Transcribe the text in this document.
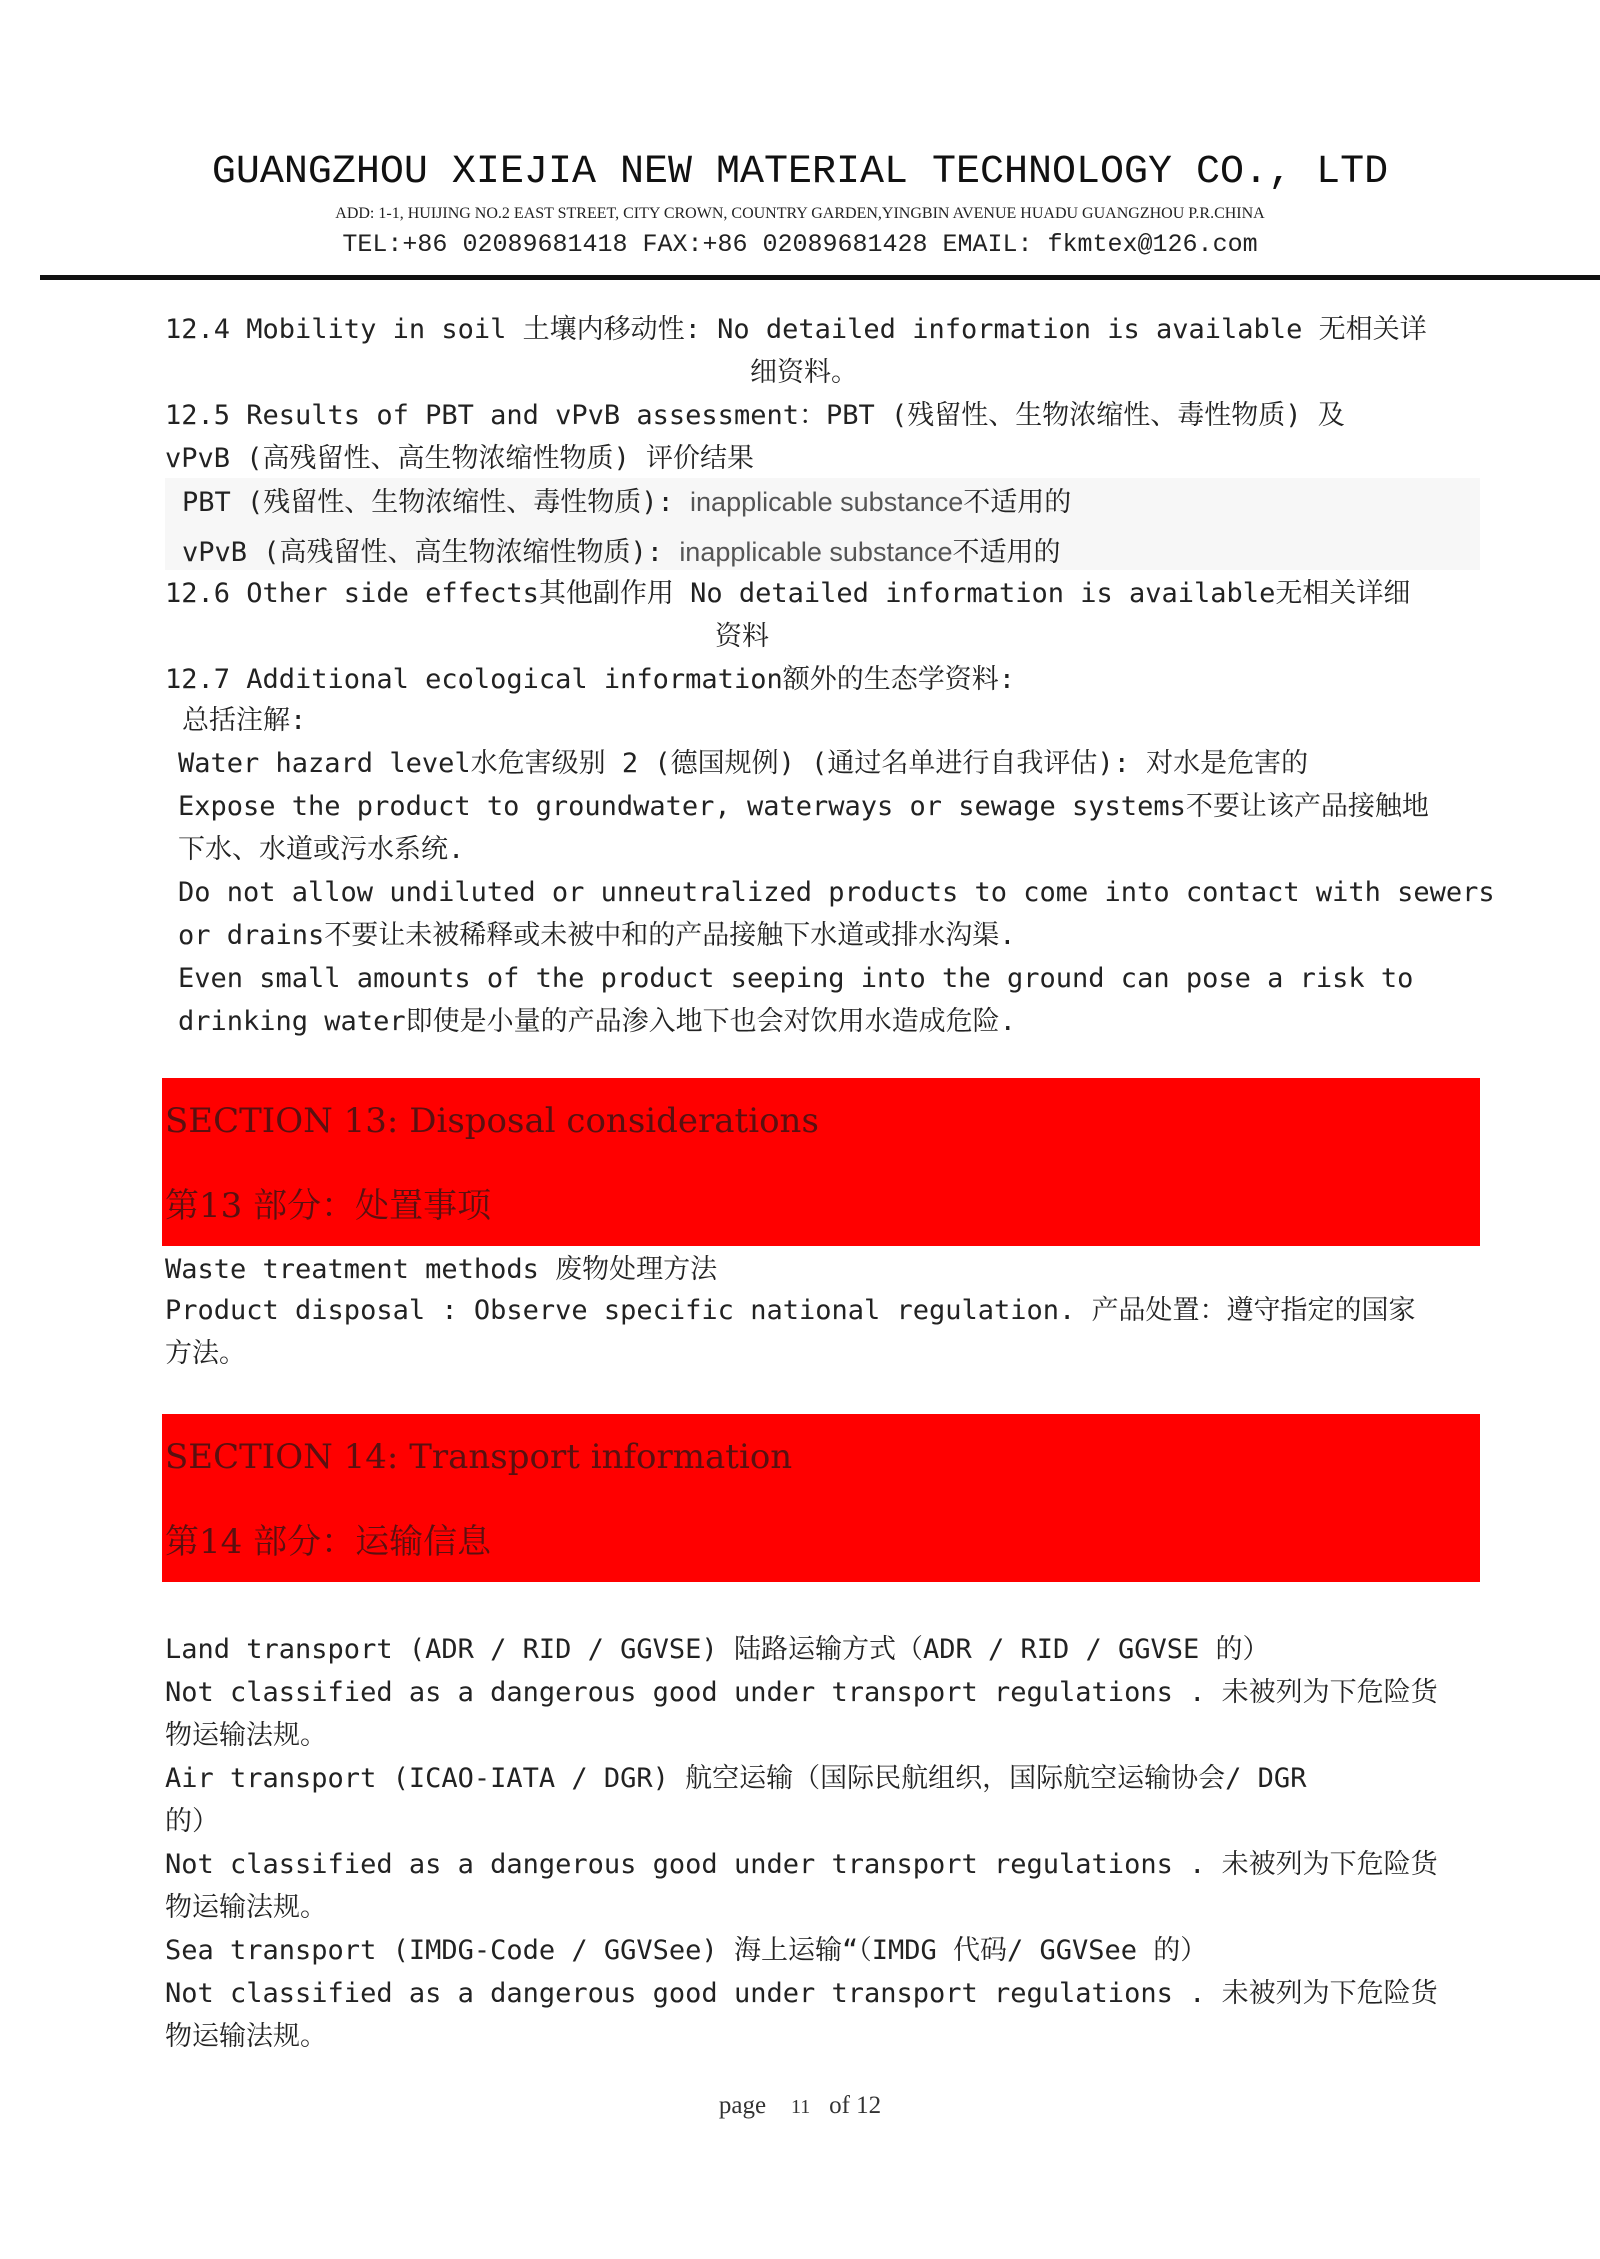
GUANGZHOU XIEJIA NEW MATERIAL TECHNOLOGY CO., LTD
ADD: 1-1, HUIJING NO.2 EAST STREET, CITY CROWN, COUNTRY GARDEN,YINGBIN AVENUE HUADU GUANGZHOU P.R.CHINA
TEL:+86 02089681418 FAX:+86 02089681428 EMAIL: fkmtex@126.com
12.4 Mobility in soil 土壤内移动性: No detailed information is available 无相关详
细资料。
12.5 Results of PBT and vPvB assessment：PBT (残留性、生物浓缩性、毒性物质) 及
vPvB (高残留性、高生物浓缩性物质) 评价结果
PBT (残留性、生物浓缩性、毒性物质): inapplicable substance不适用的
vPvB (高残留性、高生物浓缩性物质): inapplicable substance不适用的
12.6 Other side effects其他副作用 No detailed information is available无相关详细
资料
12.7 Additional ecological information额外的生态学资料:
总括注解:
Water hazard level水危害级别 2 (德国规例) (通过名单进行自我评估): 对水是危害的
Expose the product to groundwater, waterways or sewage systems不要让该产品接触地
下水、水道或污水系统.
Do not allow undiluted or unneutralized products to come into contact with sewers
or drains不要让未被稀释或未被中和的产品接触下水道或排水沟渠.
Even small amounts of the product seeping into the ground can pose a risk to
drinking water即使是小量的产品渗入地下也会对饮用水造成危险.
SECTION 13: Disposal considerations
第13 部分：处置事项
Waste treatment methods 废物处理方法
Product disposal : Observe specific national regulation. 产品处置：遵守指定的国家
方法。
SECTION 14: Transport information
第14 部分：运输信息
Land transport (ADR / RID / GGVSE) 陆路运输方式（ADR / RID / GGVSE 的）
Not classified as a dangerous good under transport regulations . 未被列为下危险货
物运输法规。
Air transport (ICAO-IATA / DGR) 航空运输（国际民航组织，国际航空运输协会/ DGR
的）
Not classified as a dangerous good under transport regulations . 未被列为下危险货
物运输法规。
Sea transport (IMDG-Code / GGVSee) 海上运输“（IMDG 代码/ GGVSee 的）
Not classified as a dangerous good under transport regulations . 未被列为下危险货
物运输法规。
page 11 of 12
